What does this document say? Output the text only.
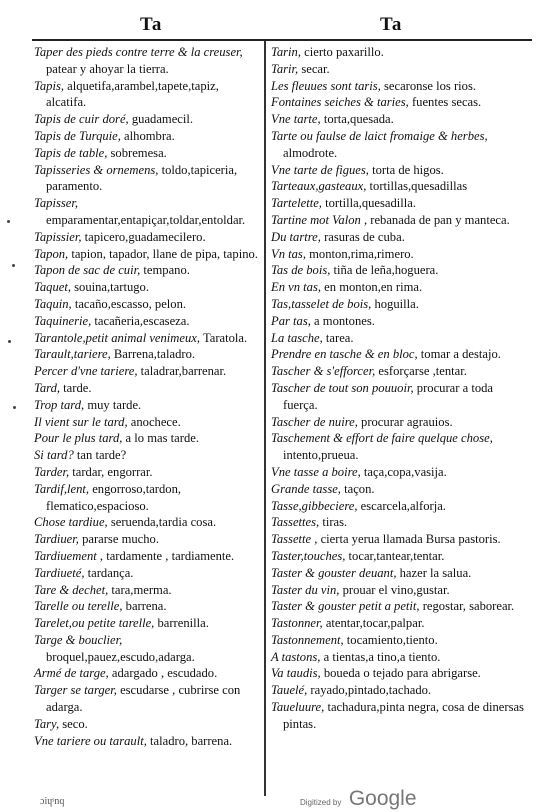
Ta	Ta

Taper des pieds contre terre & la creuser, patear y ahoyar la tierra.

Tapis, alquetifa,arambel,tapete,tapiz, alcatifa.

Tapis de cuir doré, guadamecil.

Tapis de Turquie, alhombra.

Tapis de table, sobremesa.

Tapisseries & ornemens, toldo,tapiceria, paramento.

Tapisser, emparamentar,entapiçar,toldar,entoldar.

Tapissier, tapicero,guadamecilero.

Tapon, tapion, tapador, llane de pipa, tapino.

Tapon de sac de cuir, tempano.

Taquet, souina,tartugo.

Taquin, tacaño,escasso, pelon.

Taquinerie, tacañeria,escaseza.

Tarantole,petit animal venimeux, Taratola.

Tarault,tariere, Barrena,taladro.

Percer d'vne tariere, taladrar,barrenar.

Tard, tarde.

Trop tard, muy tarde.

Il vient sur le tard, anochece.

Pour le plus tard, a lo mas tarde.

Si tard? tan tarde?

Tarder, tardar, engorrar.

Tardif,lent, engorroso,tardon, flematico,espacioso.

Chose tardiue, seruenda,tardia cosa.

Tardiuer, pararse mucho.

Tardiuement , tardamente , tardiamente.

Tardiueté, tardança.

Tare & dechet, tara,merma.

Tarelle ou terelle, barrena.

Tarelet,ou petite tarelle, barrenilla.

Targe & bouclier, broquel,pauez,escudo,adarga.

Armé de targe, adargado , escudado.

Targer se targer, escudarse , cubrirse con adarga.

Tary, seco.

Vne tariere ou tarault, taladro, barrena.

Tarin, cierto paxarillo.

Tarir, secar.

Les fleuues sont taris, secaronse los rios.

Fontaines seiches & taries, fuentes secas.

Vne tarte, torta,quesada.

Tarte ou faulse de laict fromaige & herbes, almodrote.

Vne tarte de figues, torta de higos.

Tarteaux,gasteaux, tortillas,quesadillas

Tartelette, tortilla,quesadilla.

Tartine mot Valon , rebanada de pan y manteca.

Du tartre, rasuras de cuba.

Vn tas, monton,rima,rimero.

Tas de bois, tiña de leña,hoguera.

En vn tas, en monton,en rima.

Tas,tasselet de bois, hoguilla.

Par tas, a montones.

La tasche, tarea.

Prendre en tasche & en bloc, tomar a destajo.

Tascher & s'efforcer, esforçarse ,tentar.

Tascher de tout son pouuoir, procurar a toda fuerça.

Tascher de nuire, procurar agrauios.

Taschement & effort de faire quelque chose, intento,prueua.

Vne tasse a boire, taça,copa,vasija.

Grande tasse, taçon.

Tasse,gibbeciere, escarcela,alforja.

Tassettes, tiras.

Tassette , cierta yerua llamada Bursa pastoris.

Taster,touches, tocar,tantear,tentar.

Taster & gouster deuant, hazer la salua.

Taster du vin, prouar el vino,gustar.

Taster & gouster petit a petit, regostar, saborear.

Tastonner, atentar,tocar,palpar.

Tastonnement, tocamiento,tiento.

A tastons, a tientas,a tino,a tiento.

Va taudis, boueda o tejado para abrigarse.

Tauelé, rayado,pintado,tachado.

Taueluure, tachadura,pinta negra, cosa de dinersas pintas.

ɔiɥˢnq	Digitized by Google
